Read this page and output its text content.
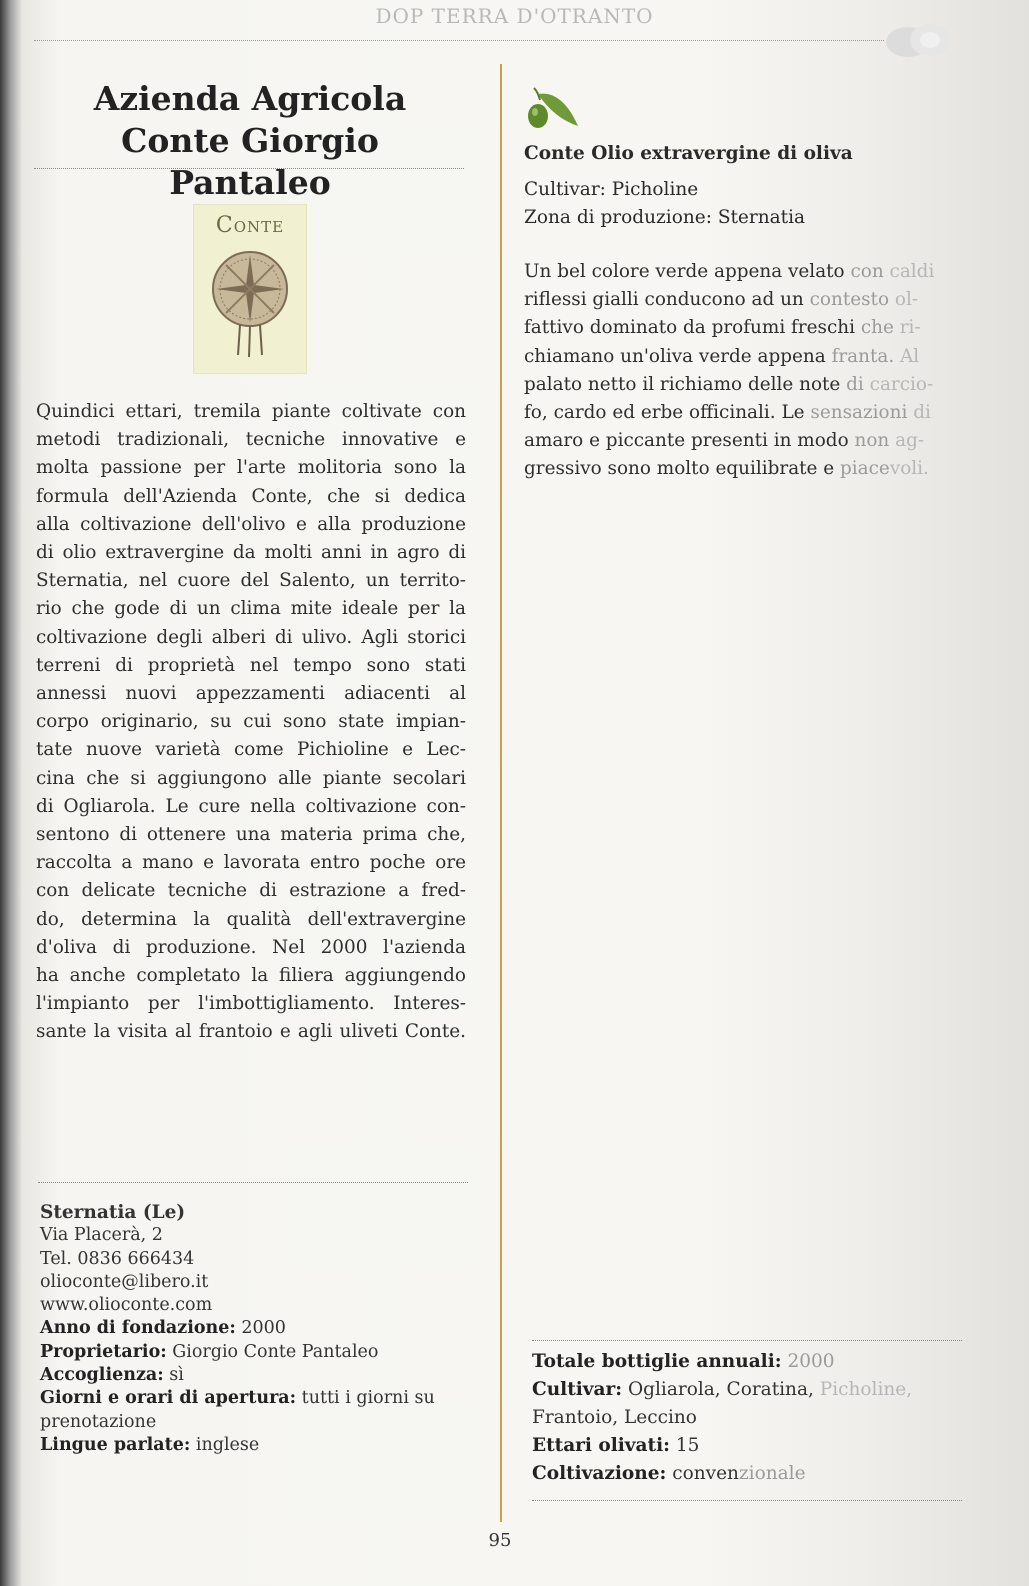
DOP TERRA D'OTRANTO
Azienda Agricola
Conte Giorgio Pantaleo
Conte
Quindici ettari, tremila piante coltivate con
metodi tradizionali, tecniche innovative e
molta passione per l'arte molitoria sono la
formula dell'Azienda Conte, che si dedica
alla coltivazione dell'olivo e alla produzione
di olio extravergine da molti anni in agro di
Sternatia, nel cuore del Salento, un territo-
rio che gode di un clima mite ideale per la
coltivazione degli alberi di ulivo. Agli storici
terreni di proprietà nel tempo sono stati
annessi nuovi appezzamenti adiacenti al
corpo originario, su cui sono state impian-
tate nuove varietà come Pichioline e Lec-
cina che si aggiungono alle piante secolari
di Ogliarola. Le cure nella coltivazione con-
sentono di ottenere una materia prima che,
raccolta a mano e lavorata entro poche ore
con delicate tecniche di estrazione a fred-
do, determina la qualità dell'extravergine
d'oliva di produzione. Nel 2000 l'azienda
ha anche completato la filiera aggiungendo
l'impianto per l'imbottigliamento. Interes-
sante la visita al frantoio e agli uliveti Conte.
Sternatia (Le)
Via Placerà, 2
Tel. 0836 666434
olioconte@libero.it
www.olioconte.com
Anno di fondazione: 2000
Proprietario: Giorgio Conte Pantaleo
Accoglienza: sì
Giorni e orari di apertura: tutti i giorni su
prenotazione
Lingue parlate: inglese
Conte Olio extravergine di oliva
Cultivar: Picholine
Zona di produzione: Sternatia
Un bel colore verde appena velato con caldi
riflessi gialli conducono ad un contesto ol-
fattivo dominato da profumi freschi che ri-
chiamano un'oliva verde appena franta. Al
palato netto il richiamo delle note di carcio-
fo, cardo ed erbe officinali. Le sensazioni di
amaro e piccante presenti in modo non ag-
gressivo sono molto equilibrate e piacevoli.
Totale bottiglie annuali: 2000
Cultivar: Ogliarola, Coratina, Picholine,
Frantoio, Leccino
Ettari olivati: 15
Coltivazione: convenzionale
95
